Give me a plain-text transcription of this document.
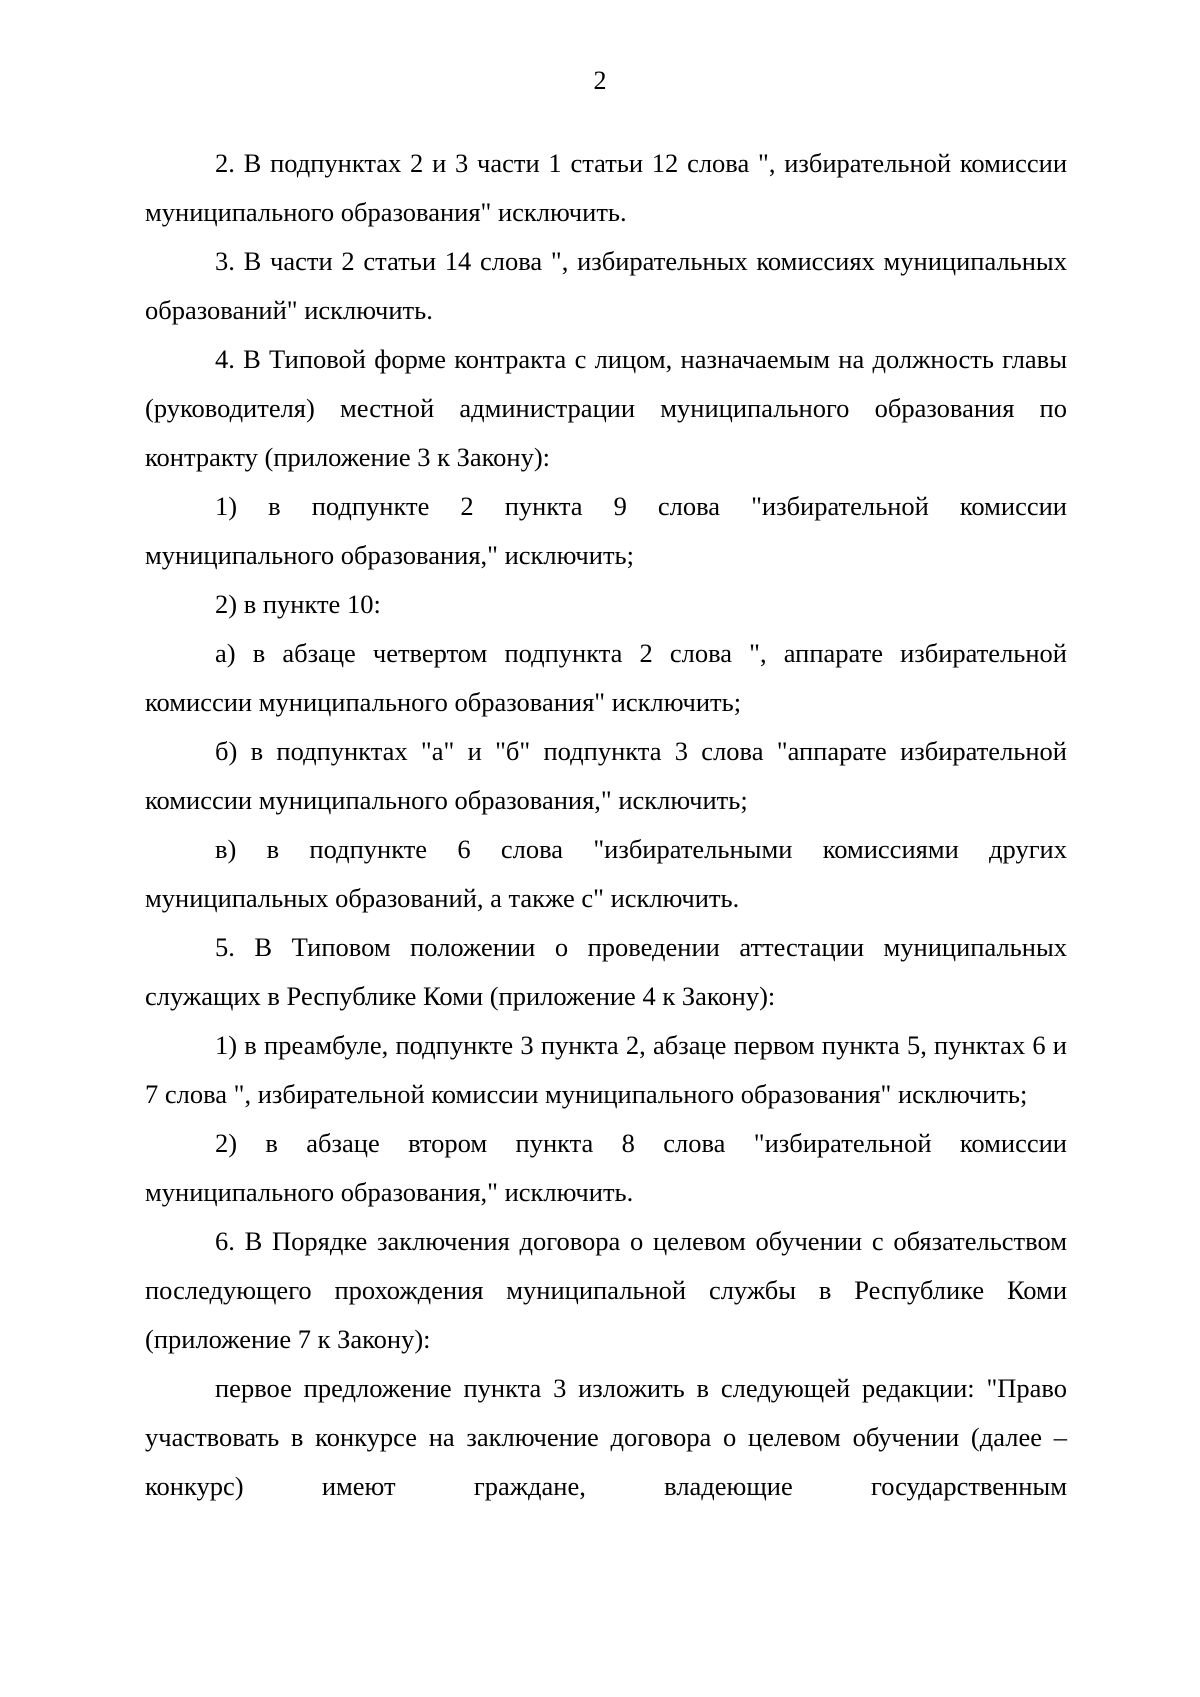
2

2. В подпунктах 2 и 3 части 1 статьи 12 слова ", избирательной комиссии муниципального образования" исключить.

3. В части 2 статьи 14 слова ", избирательных комиссиях муниципальных образований" исключить.

4. В Типовой форме контракта с лицом, назначаемым на должность главы (руководителя) местной администрации муниципального образования по контракту (приложение 3 к Закону):

1) в подпункте 2 пункта 9 слова "избирательной комиссии муниципального образования," исключить;

2) в пункте 10:

а) в абзаце четвертом подпункта 2 слова ", аппарате избирательной комиссии муниципального образования" исключить;

б) в подпунктах "а" и "б" подпункта 3 слова "аппарате избирательной комиссии муниципального образования," исключить;

в) в подпункте 6 слова "избирательными комиссиями других муниципальных образований, а также с" исключить.

5. В Типовом положении о проведении аттестации муниципальных служащих в Республике Коми (приложение 4 к Закону):

1) в преамбуле, подпункте 3 пункта 2, абзаце первом пункта 5, пунктах 6 и 7 слова ", избирательной комиссии муниципального образования" исключить;

2) в абзаце втором пункта 8 слова "избирательной комиссии муниципального образования," исключить.

6. В Порядке заключения договора о целевом обучении с обязательством последующего прохождения муниципальной службы в Республике Коми (приложение 7 к Закону):

первое предложение пункта 3 изложить в следующей редакции: "Право участвовать в конкурсе на заключение договора о целевом обучении (далее – конкурс) имеют граждане, владеющие государственным
